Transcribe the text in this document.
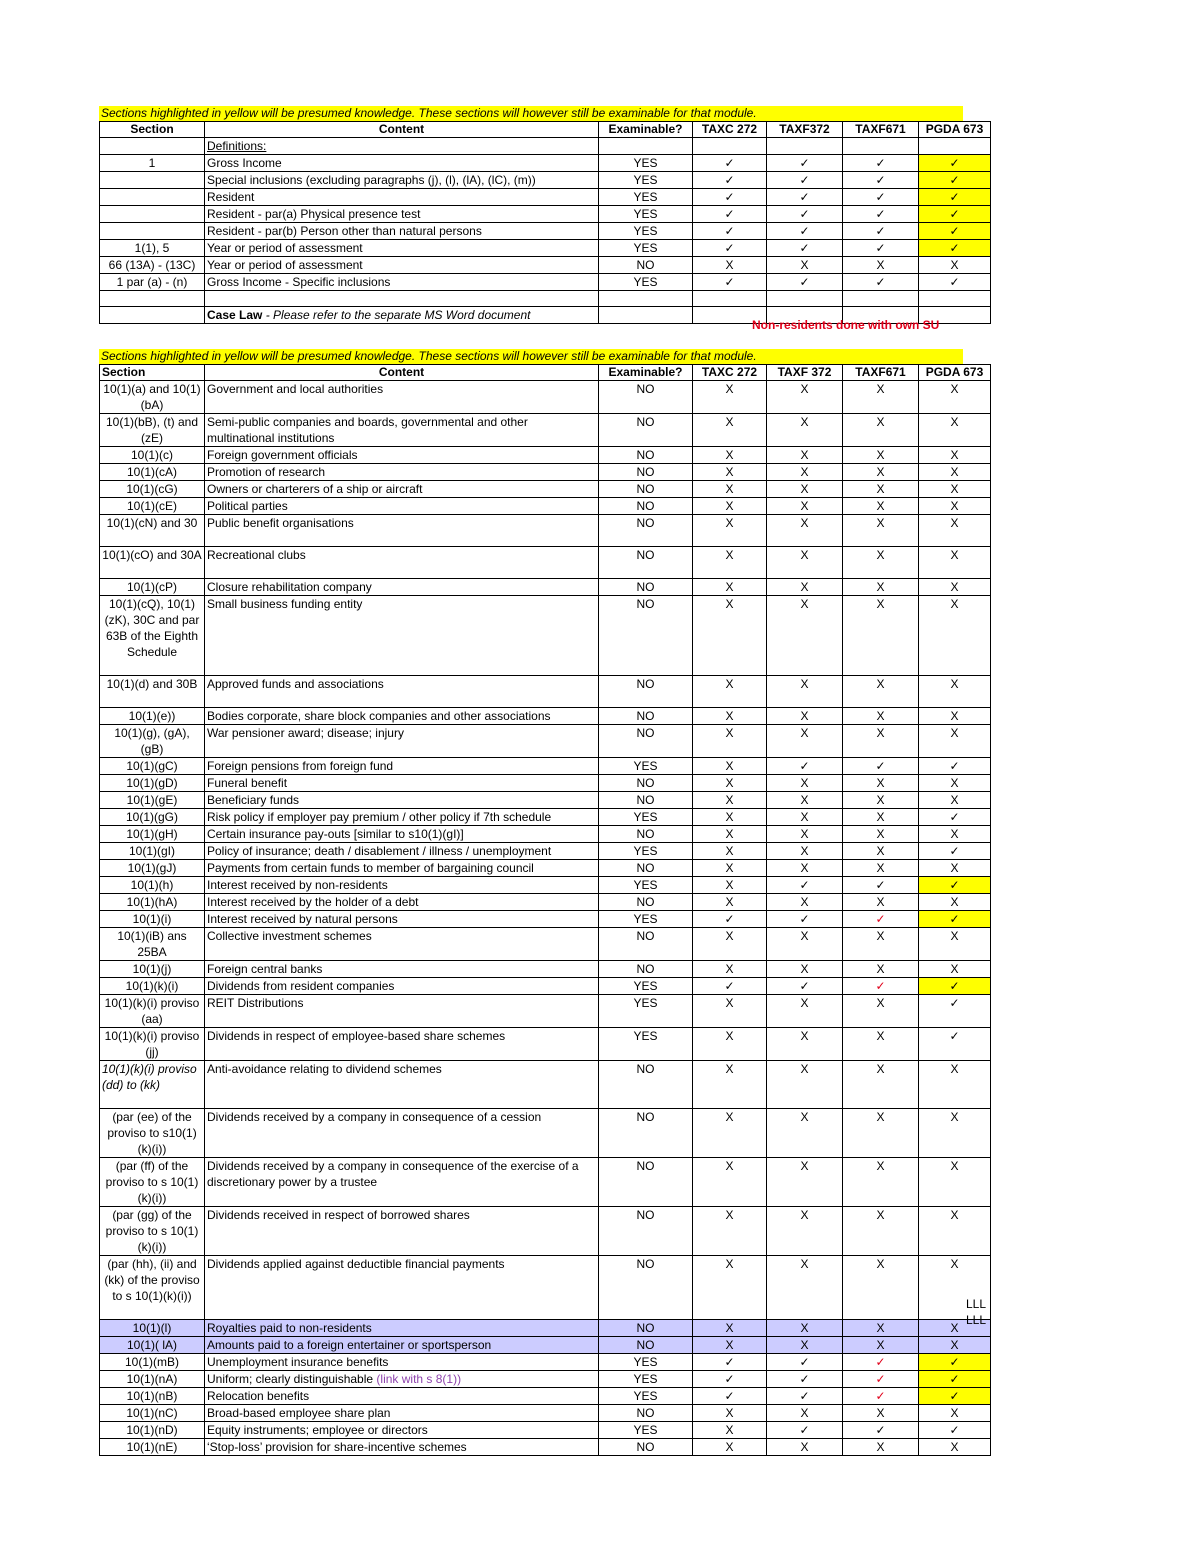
Sections highlighted in yellow will be presumed knowledge. These sections will however still be examinable for that module.
Section	Content	Examinable?	TAXC 272	TAXF372	TAXF671	PGDA 673
	Definitions:					
1	Gross Income	YES	✓	✓	✓	✓
	Special inclusions (excluding paragraphs (j), (l), (lA), (lC), (m))	YES	✓	✓	✓	✓
	Resident	YES	✓	✓	✓	✓
	Resident - par(a) Physical presence test	YES	✓	✓	✓	✓
	Resident - par(b) Person other than natural persons	YES	✓	✓	✓	✓
1(1), 5	Year or period of assessment	YES	✓	✓	✓	✓
66 (13A) - (13C)	Year or period of assessment	NO	X	X	X	X
1 par (a) - (n)	Gross Income - Specific inclusions	YES	✓	✓	✓	✓

	Case Law - Please refer to the separate MS Word document					
Non-residents done with own SU
Sections highlighted in yellow will be presumed knowledge. These sections will however still be examinable for that module.
Section	Content	Examinable?	TAXC 272	TAXF 372	TAXF671	PGDA 673
10(1)(a) and 10(1)(bA)	Government and local authorities	NO	X	X	X	X
10(1)(bB), (t) and (zE)	Semi-public companies and boards, governmental and other multinational institutions	NO	X	X	X	X
10(1)(c)	Foreign government officials	NO	X	X	X	X
10(1)(cA)	Promotion of research	NO	X	X	X	X
10(1)(cG)	Owners or charterers of a ship or aircraft	NO	X	X	X	X
10(1)(cE)	Political parties	NO	X	X	X	X
10(1)(cN) and 30	Public benefit organisations	NO	X	X	X	X
10(1)(cO) and 30A	Recreational clubs	NO	X	X	X	X
10(1)(cP)	Closure rehabilitation company	NO	X	X	X	X
10(1)(cQ), 10(1)(zK), 30C and par 63B of the Eighth Schedule	Small business funding entity	NO	X	X	X	X
10(1)(d) and 30B	Approved funds and associations	NO	X	X	X	X
10(1)(e))	Bodies corporate, share block companies and other associations	NO	X	X	X	X
10(1)(g), (gA), (gB)	War pensioner award; disease; injury	NO	X	X	X	X
10(1)(gC)	Foreign pensions from foreign fund	YES	X	✓	✓	✓
10(1)(gD)	Funeral benefit	NO	X	X	X	X
10(1)(gE)	Beneficiary funds	NO	X	X	X	X
10(1)(gG)	Risk policy if employer pay premium / other policy if 7th schedule	YES	X	X	X	✓
10(1)(gH)	Certain insurance pay-outs [similar to s10(1)(gI)]	NO	X	X	X	X
10(1)(gI)	Policy of insurance; death / disablement / illness / unemployment	YES	X	X	X	✓
10(1)(gJ)	Payments from certain funds to member of bargaining council	NO	X	X	X	X
10(1)(h)	Interest received by non-residents	YES	X	✓	✓	✓
10(1)(hA)	Interest received by the holder of a debt	NO	X	X	X	X
10(1)(i)	Interest received by natural persons	YES	✓	✓	✓	✓
10(1)(iB) ans 25BA	Collective investment schemes	NO	X	X	X	X
10(1)(j)	Foreign central banks	NO	X	X	X	X
10(1)(k)(i)	Dividends from resident companies	YES	✓	✓	✓	✓
10(1)(k)(i) proviso (aa)	REIT Distributions	YES	X	X	X	✓
10(1)(k)(i) proviso (jj)	Dividends in respect of employee-based share schemes	YES	X	X	X	✓
10(1)(k)(i) proviso (dd) to (kk)	Anti-avoidance relating to dividend schemes	NO	X	X	X	X
(par (ee) of the proviso to s10(1)(k)(i))	Dividends received by a company in consequence of a cession	NO	X	X	X	X
(par (ff) of the proviso to s 10(1)(k)(i))	Dividends received by a company in consequence of the exercise of a discretionary power by a trustee	NO	X	X	X	X
(par (gg) of the proviso to s 10(1)(k)(i))	Dividends received in respect of borrowed shares	NO	X	X	X	X
(par (hh), (ii) and (kk) of the proviso to s 10(1)(k)(i))	Dividends applied against deductible financial payments	NO	X	X	X	X
10(1)(l)	Royalties paid to non-residents	NO	X	X	X	X
10(1)( lA)	Amounts paid to a foreign entertainer or sportsperson	NO	X	X	X	X
10(1)(mB)	Unemployment insurance benefits	YES	✓	✓	✓	✓
10(1)(nA)	Uniform; clearly distinguishable (link with s 8(1))	YES	✓	✓	✓	✓
10(1)(nB)	Relocation benefits	YES	✓	✓	✓	✓
10(1)(nC)	Broad-based employee share plan	NO	X	X	X	X
10(1)(nD)	Equity instruments; employee or directors	YES	X	✓	✓	✓
10(1)(nE)	‘Stop-loss’ provision for share-incentive schemes	NO	X	X	X	X
LLL
LLL
